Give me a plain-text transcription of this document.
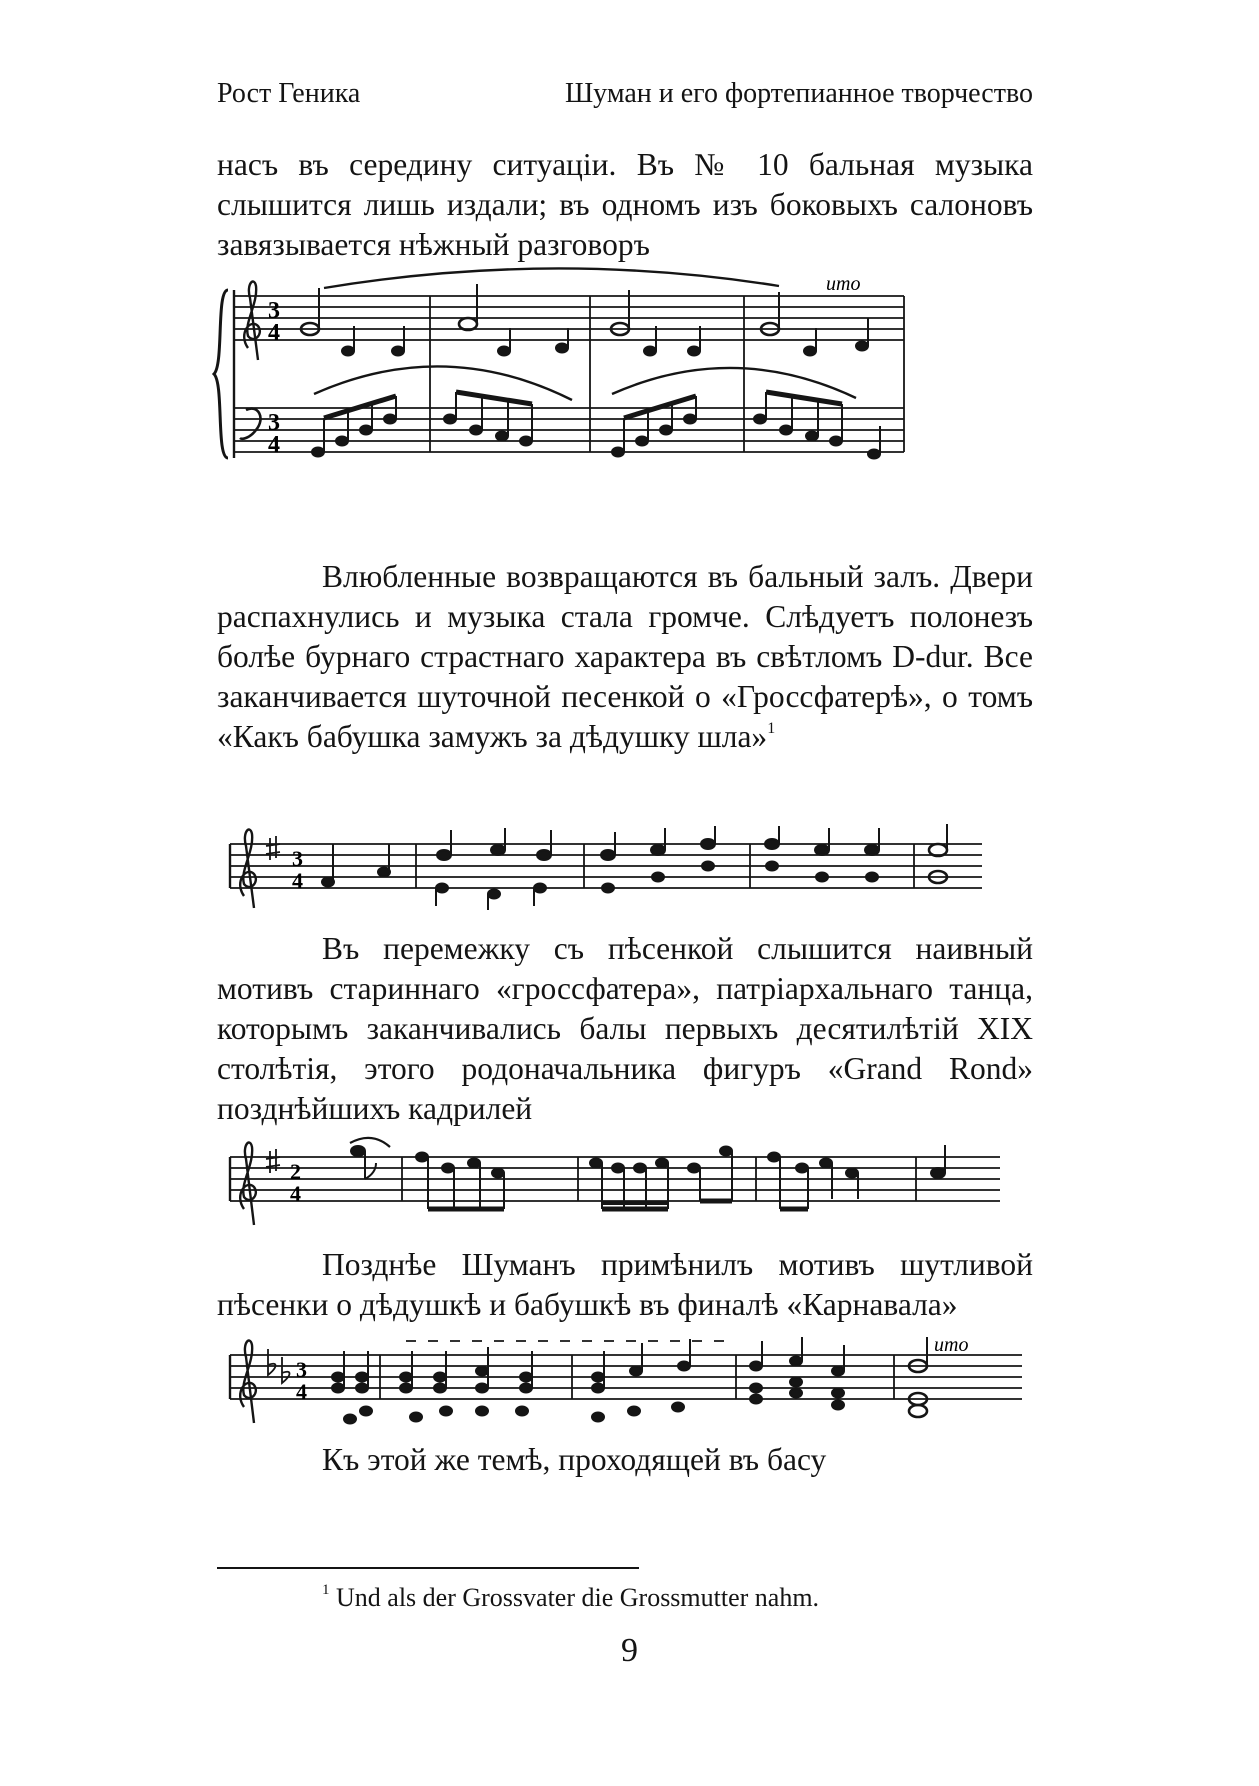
Рост Геника	Шуман и его фортепианное творчество

насъ въ середину ситуаціи. Въ № 10 бальная музыка слышится лишь издали; въ одномъ изъ боковыхъ салоновъ завязывается нѣжный разговоръ

3
4
3
4
umo

Влюбленные возвращаются въ бальный залъ. Двери распахнулись и музыка стала громче. Слѣдуетъ полонезъ болѣе бурнаго страстнаго характера въ свѣтломъ D-dur. Все заканчивается шуточной песенкой о «Гроссфатерѣ», о томъ «Какъ бабушка замужъ за дѣдушку шла»$^1$

3
4

Въ перемежку съ пѣсенкой слышится наивный мотивъ стариннаго «гроссфатера», патріархальнаго танца, которымъ заканчивались балы первыхъ десятилѣтій XIX столѣтія, этого родоначальника фигуръ «Grand Rond» позднѣйшихъ кадрилей

2
4

Позднѣе Шуманъ примѣнилъ мотивъ шутливой пѣсенки о дѣдушкѣ и бабушкѣ въ финалѣ «Карнавала»

3
4
umo

Къ этой же темѣ, проходящей въ басу

$^1$ Und als der Grossvater die Grossmutter nahm.
9
